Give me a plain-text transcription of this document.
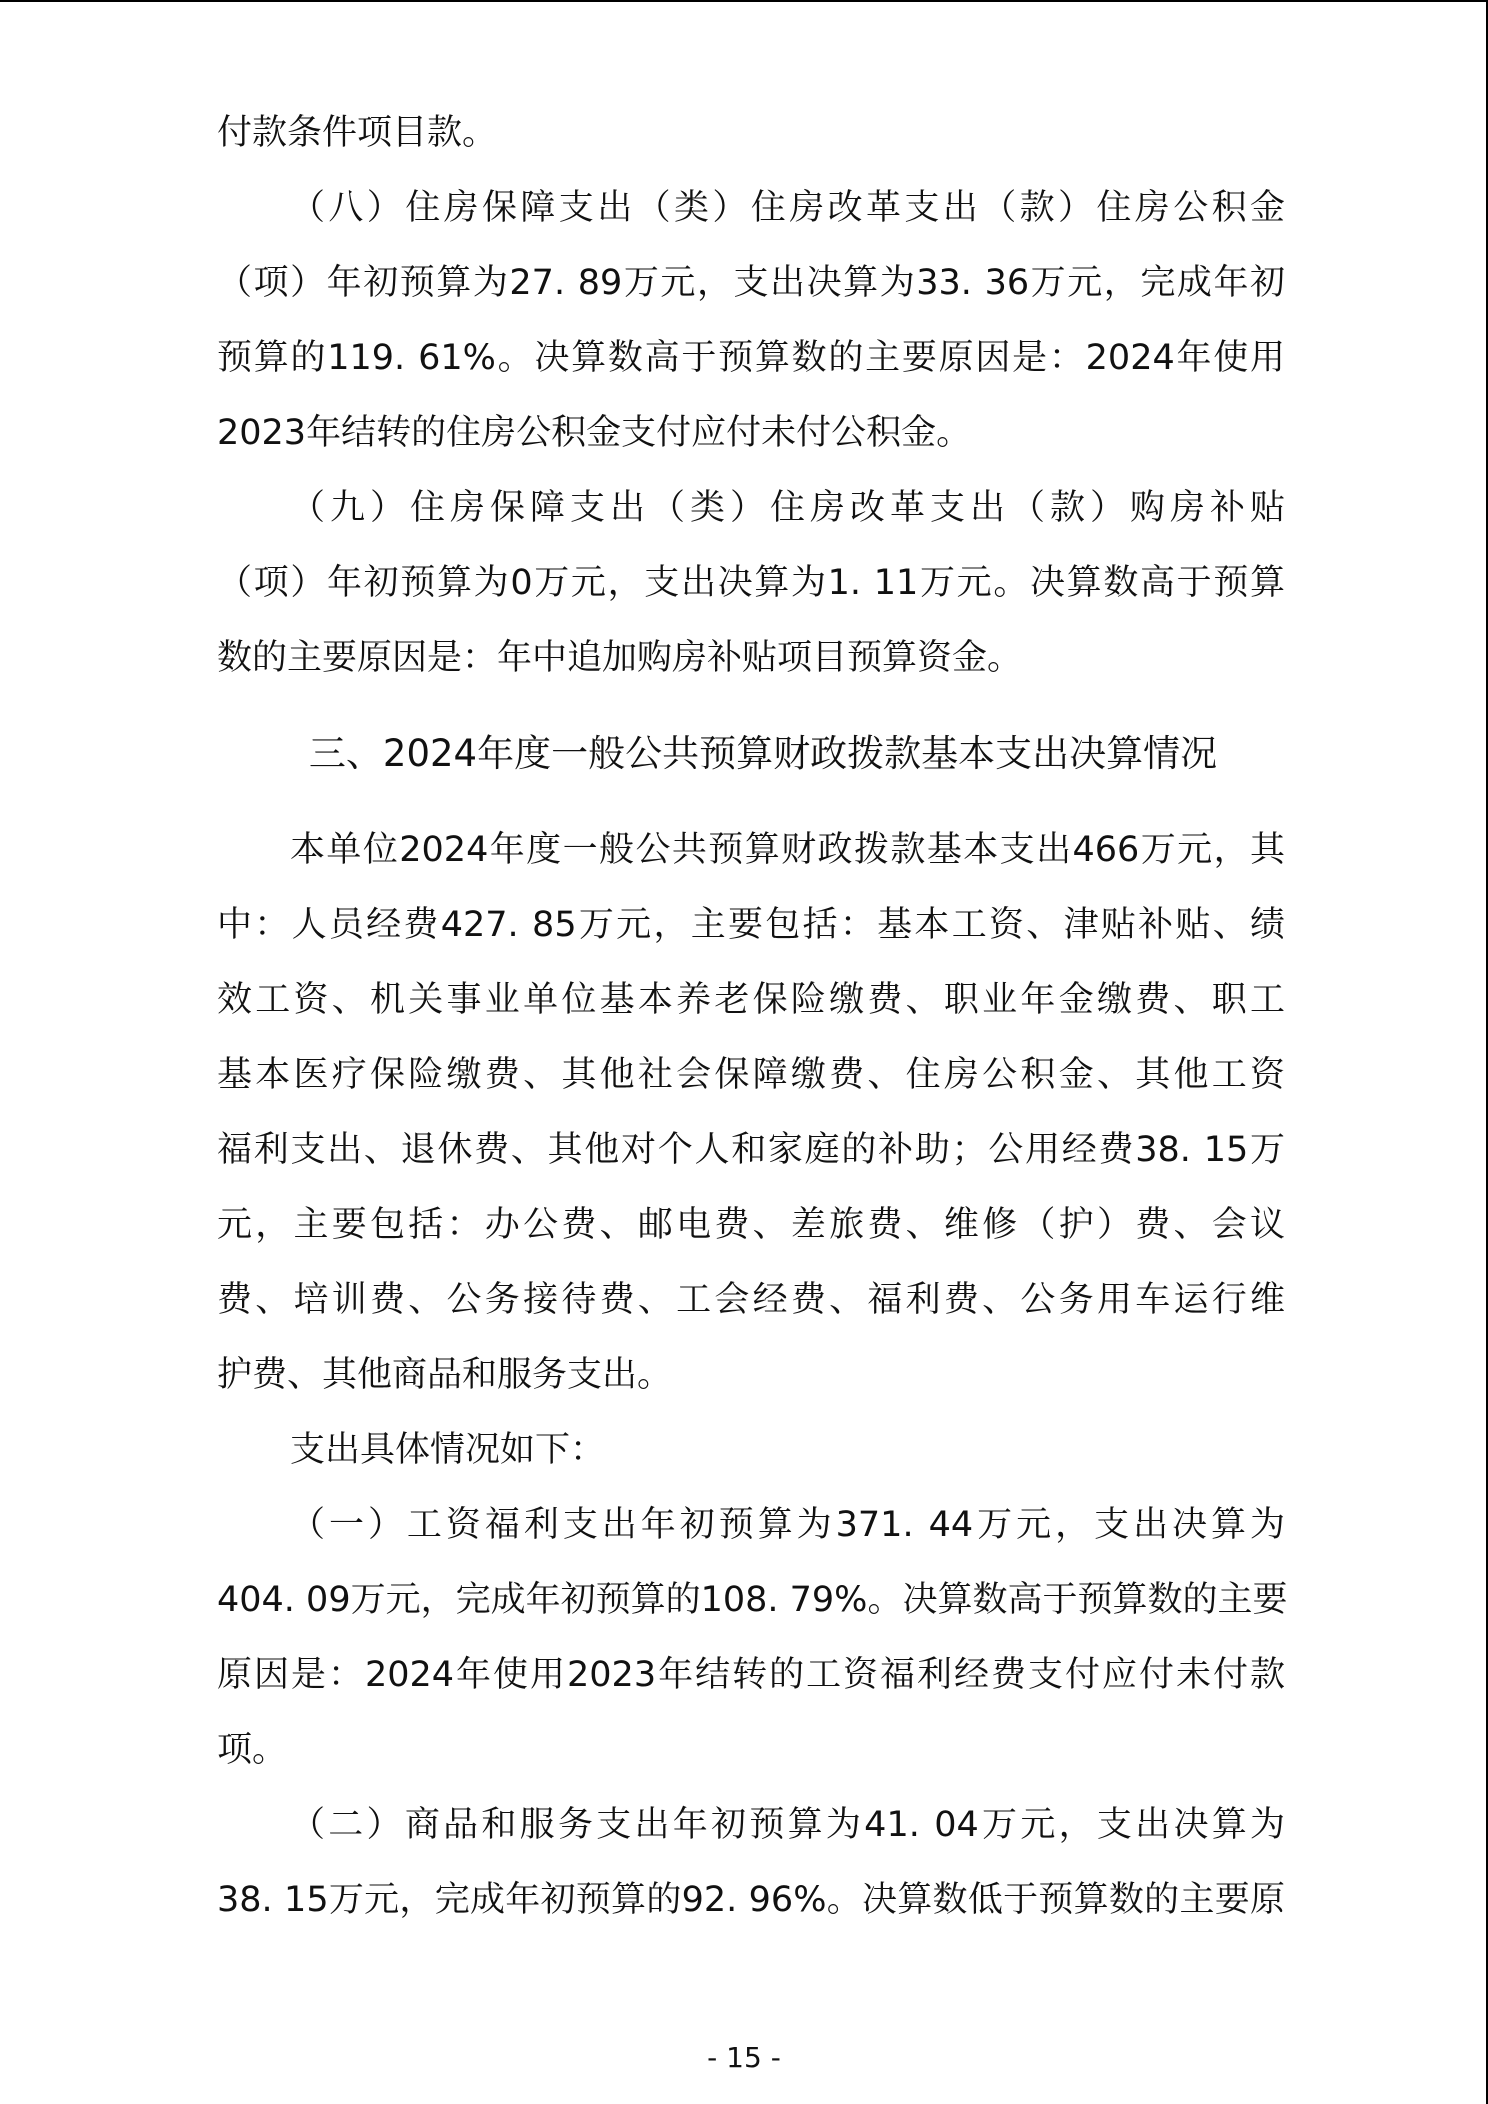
付款条件项目款。
（八）住房保障支出（类）住房改革支出（款）住房公积金
（项）年初预算为27. 89万元，支出决算为33. 36万元，完成年初
预算的119. 61%。决算数高于预算数的主要原因是：2024年使用
2023年结转的住房公积金支付应付未付公积金。
（九）住房保障支出（类）住房改革支出（款）购房补贴
（项）年初预算为0万元，支出决算为1. 11万元。决算数高于预算
数的主要原因是：年中追加购房补贴项目预算资金。
三、2024年度一般公共预算财政拨款基本支出决算情况
本单位2024年度一般公共预算财政拨款基本支出466万元，其
中：人员经费427. 85万元，主要包括：基本工资、津贴补贴、绩
效工资、机关事业单位基本养老保险缴费、职业年金缴费、职工
基本医疗保险缴费、其他社会保障缴费、住房公积金、其他工资
福利支出、退休费、其他对个人和家庭的补助；公用经费38. 15万
元，主要包括：办公费、邮电费、差旅费、维修（护）费、会议
费、培训费、公务接待费、工会经费、福利费、公务用车运行维
护费、其他商品和服务支出。
支出具体情况如下：
（一）工资福利支出年初预算为371. 44万元，支出决算为
404. 09万元，完成年初预算的108. 79%。决算数高于预算数的主要
原因是：2024年使用2023年结转的工资福利经费支付应付未付款
项。
（二）商品和服务支出年初预算为41. 04万元，支出决算为
38. 15万元，完成年初预算的92. 96%。决算数低于预算数的主要原
- 15 -
